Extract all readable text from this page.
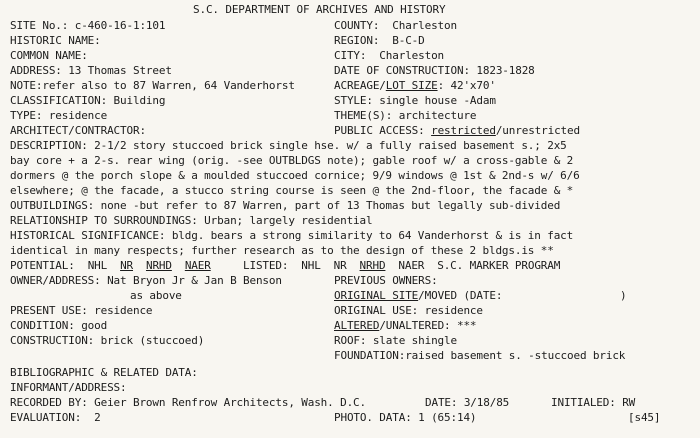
S.C. DEPARTMENT OF ARCHIVES AND HISTORY
SITE No.: c-460-16-1:101	COUNTY:  Charleston
HISTORIC NAME:	REGION:  B-C-D
COMMON NAME:	CITY:  Charleston
ADDRESS: 13 Thomas Street	DATE OF CONSTRUCTION: 1823-1828
NOTE:refer also to 87 Warren, 64 Vanderhorst	ACREAGE/LOT SIZE: 42'x70'
CLASSIFICATION: Building	STYLE: single house -Adam
TYPE: residence	THEME(S): architecture
ARCHITECT/CONTRACTOR:	PUBLIC ACCESS: restricted/unrestricted
DESCRIPTION: 2-1/2 story stuccoed brick single hse. w/ a fully raised basement s.; 2x5
bay core + a 2-s. rear wing (orig. -see OUTBLDGS note); gable roof w/ a cross-gable & 2
dormers @ the porch slope & a moulded stuccoed cornice; 9/9 windows @ 1st & 2nd-s w/ 6/6
elsewhere; @ the facade, a stucco string course is seen @ the 2nd-floor, the facade & *
OUTBUILDINGS: none -but refer to 87 Warren, part of 13 Thomas but legally sub-divided
RELATIONSHIP TO SURROUNDINGS: Urban; largely residential
HISTORICAL SIGNIFICANCE: bldg. bears a strong similarity to 64 Vanderhorst & is in fact
identical in many respects; further research as to the design of these 2 bldgs.is **
POTENTIAL: NHL NR NRHD NAER	LISTED: NHL NR NRHD NAER S.C. MARKER PROGRAM
OWNER/ADDRESS: Nat Bryon Jr & Jan B Benson	PREVIOUS OWNERS:
as above	ORIGINAL SITE/MOVED (DATE:	)
PRESENT USE: residence	ORIGINAL USE: residence
CONDITION: good	ALTERED/UNALTERED: ***
CONSTRUCTION: brick (stuccoed)	ROOF: slate shingle
FOUNDATION:raised basement s. -stuccoed brick
BIBLIOGRAPHIC & RELATED DATA:
INFORMANT/ADDRESS:
RECORDED BY: Geier Brown Renfrow Architects, Wash. D.C.	DATE: 3/18/85	INITIALED: RW
EVALUATION:  2	PHOTO. DATA: 1 (65:14)	[s45]
